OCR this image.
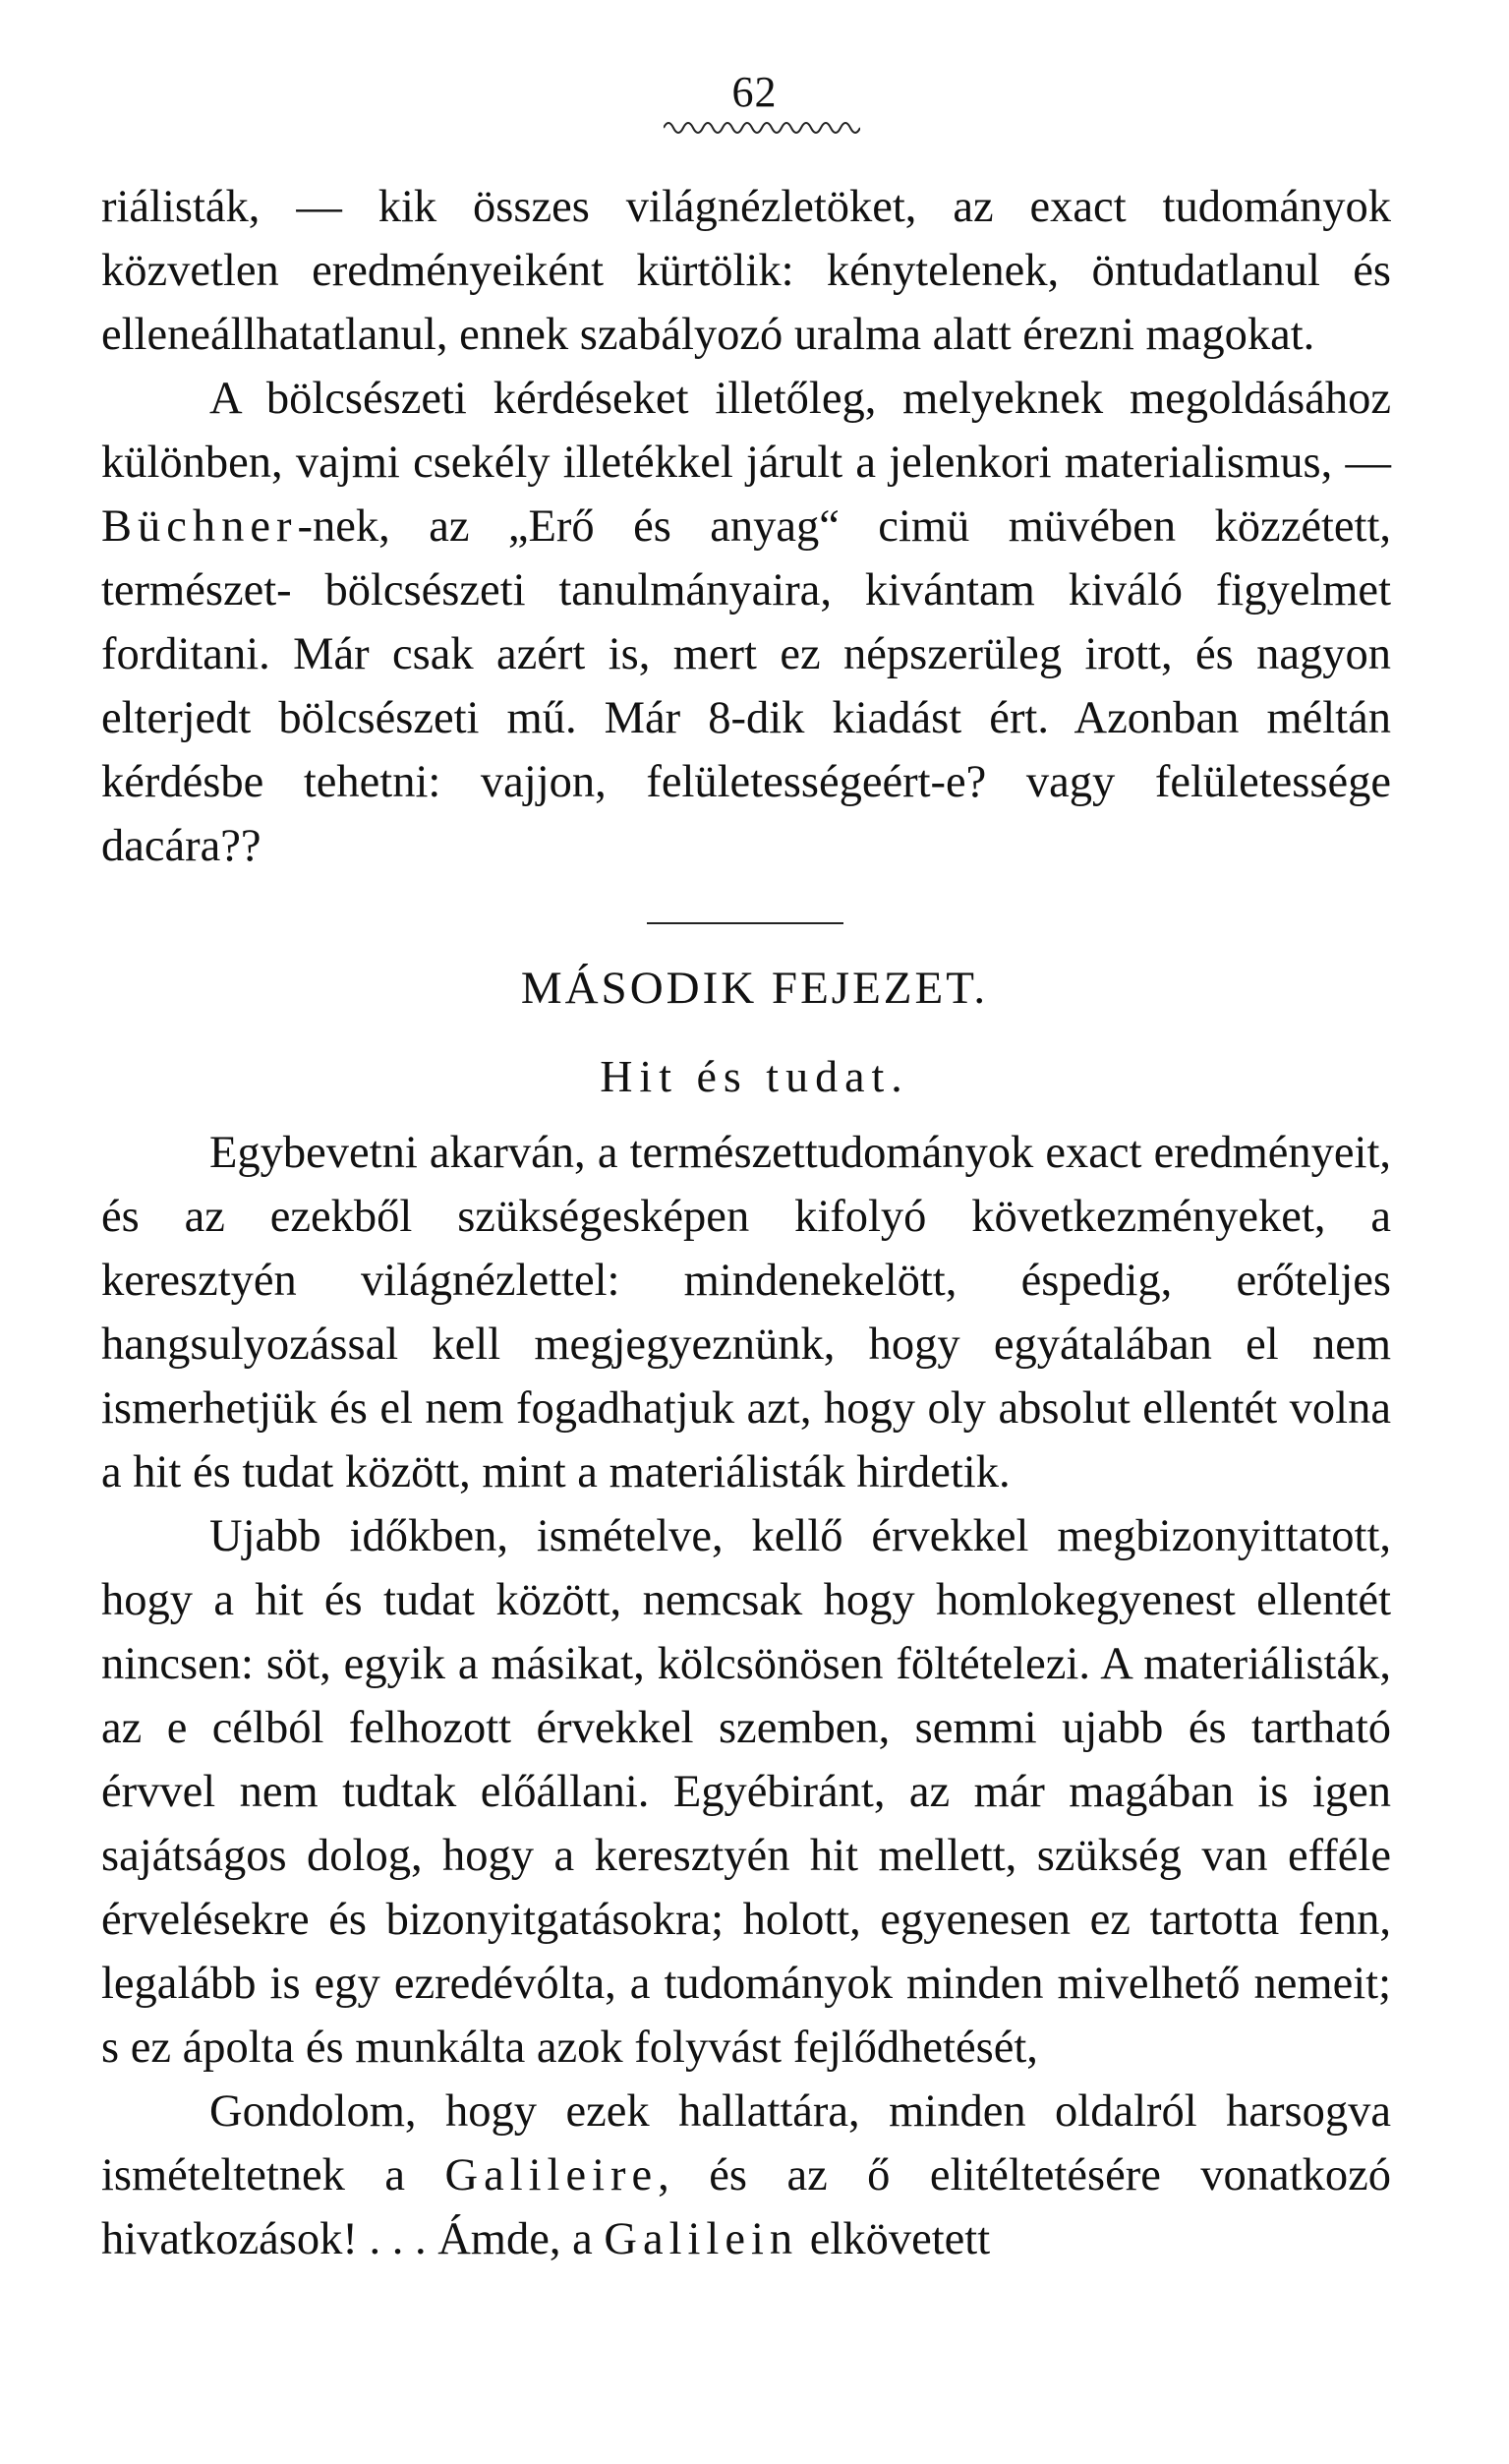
62

riálisták, — kik összes világnézletöket, az exact tudományok közvetlen eredményeiként kürtölik: kénytelenek, öntudatlanul és elleneállhatatlanul, ennek szabályozó uralma alatt érezni magokat.

A bölcsészeti kérdéseket illetőleg, melyeknek megoldásához különben, vajmi csekély illetékkel járult a jelenkori materialismus, — Büchner-nek, az „Erő és anyag“ cimü müvében közzétett, természet- bölcsészeti tanulmányaira, kivántam kiváló figyelmet forditani. Már csak azért is, mert ez népszerüleg irott, és nagyon elterjedt bölcsészeti mű. Már 8-dik kiadást ért. Azonban méltán kérdésbe tehetni: vajjon, felületességeért-e? vagy felületessége dacára??

MÁSODIK FEJEZET.
Hit és tudat.

Egybevetni akarván, a természettudományok exact eredményeit, és az ezekből szükségesképen kifolyó következményeket, a keresztyén világnézlettel: mindenekelött, éspedig, erőteljes hangsulyozással kell megjegyeznünk, hogy egyátalában el nem ismerhetjük és el nem fogadhatjuk azt, hogy oly absolut ellentét volna a hit és tudat között, mint a materiálisták hirdetik.

Ujabb időkben, ismételve, kellő érvekkel megbizonyittatott, hogy a hit és tudat között, nemcsak hogy homlokegyenest ellentét nincsen: söt, egyik a másikat, kölcsönösen föltételezi. A materiálisták, az e célból felhozott érvekkel szemben, semmi ujabb és tartható érvvel nem tudtak előállani. Egyébiránt, az már magában is igen sajátságos dolog, hogy a keresztyén hit mellett, szükség van efféle érvelésekre és bizonyitgatásokra; holott, egyenesen ez tartotta fenn, legalább is egy ezredévólta, a tudományok minden mivelhető nemeit; s ez ápolta és munkálta azok folyvást fejlődhetését,

Gondolom, hogy ezek hallattára, minden oldalról harsogva ismételtetnek a Galileire, és az ő elitéltetésére vonatkozó hivatkozások! . . . Ámde, a Galilein elkövetett
